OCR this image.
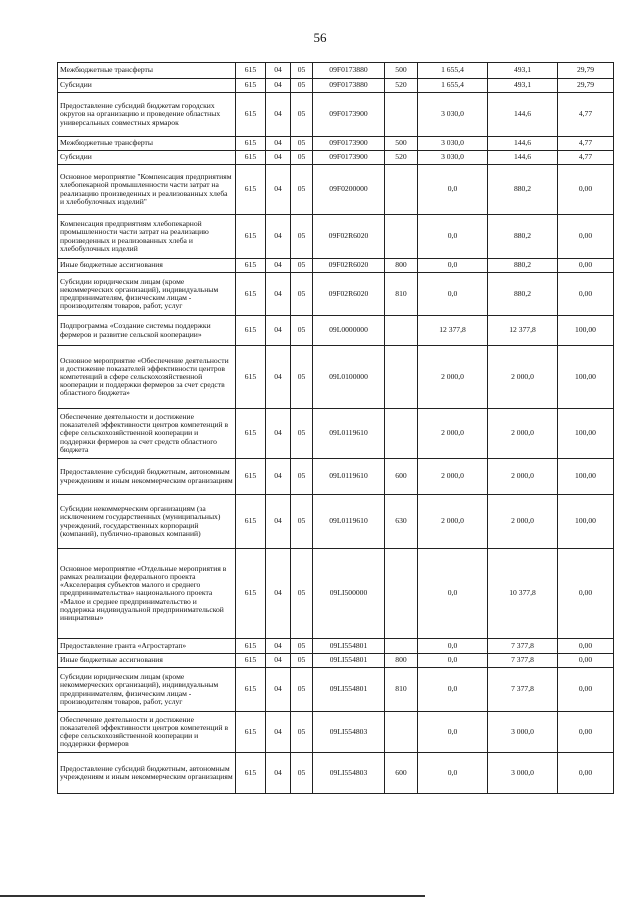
56
Межбюджетные трансферты	615	04	05	09F0173880	500	1 655,4	493,1	29,79
Субсидии	615	04	05	09F0173880	520	1 655,4	493,1	29,79
Предоставление субсидий бюджетам городских округов на организацию и проведение областных универсальных совместных ярмарок	615	04	05	09F0173900		3 030,0	144,6	4,77
Межбюджетные трансферты	615	04	05	09F0173900	500	3 030,0	144,6	4,77
Субсидии	615	04	05	09F0173900	520	3 030,0	144,6	4,77
Основное мероприятие "Компенсация предприятиям хлебопекарной промышленности части затрат на реализацию произведенных и реализованных хлеба и хлебобулочных изделий"	615	04	05	09F0200000		0,0	880,2	0,00
Компенсация предприятиям хлебопекарной промышленности части затрат на реализацию произведенных и реализованных хлеба и хлебобулочных изделий	615	04	05	09F02R6020		0,0	880,2	0,00
Иные бюджетные ассигнования	615	04	05	09F02R6020	800	0,0	880,2	0,00
Субсидии юридическим лицам (кроме некоммерческих организаций), индивидуальным предпринимателям, физическим лицам - производителям товаров, работ, услуг	615	04	05	09F02R6020	810	0,0	880,2	0,00
Подпрограмма «Создание системы поддержки фермеров и развитие сельской кооперации»	615	04	05	09L0000000		12 377,8	12 377,8	100,00
Основное мероприятие «Обеспечение деятельности и достижение показателей эффективности центров компетенций в сфере сельскохозяйственной кооперации и поддержки фермеров за счет средств областного бюджета»	615	04	05	09L0100000		2 000,0	2 000,0	100,00
Обеспечение деятельности и достижение показателей эффективности центров компетенций в сфере сельскохозяйственной кооперации и поддержки фермеров за счет средств областного бюджета	615	04	05	09L0119610		2 000,0	2 000,0	100,00
Предоставление субсидий бюджетным, автономным учреждениям и иным некоммерческим организациям	615	04	05	09L0119610	600	2 000,0	2 000,0	100,00
Субсидии некоммерческим организациям (за исключением государственных (муниципальных) учреждений, государственных корпораций (компаний), публично-правовых компаний)	615	04	05	09L0119610	630	2 000,0	2 000,0	100,00
Основное мероприятие «Отдельные мероприятия в рамках реализации федерального проекта «Акселерация субъектов малого и среднего предпринимательства» национального проекта «Малое и среднее предпринимательство и поддержка индивидуальной предпринимательской инициативы»	615	04	05	09LI500000		0,0	10 377,8	0,00
Предоставление гранта «Агростартап»	615	04	05	09LI554801		0,0	7 377,8	0,00
Иные бюджетные ассигнования	615	04	05	09LI554801	800	0,0	7 377,8	0,00
Субсидии юридическим лицам (кроме некоммерческих организаций), индивидуальным предпринимателям, физическим лицам - производителям товаров, работ, услуг	615	04	05	09LI554801	810	0,0	7 377,8	0,00
Обеспечение деятельности и достижение показателей эффективности центров компетенций в сфере сельскохозяйственной кооперации и поддержки фермеров	615	04	05	09LI554803		0,0	3 000,0	0,00
Предоставление субсидий бюджетным, автономным учреждениям и иным некоммерческим организациям	615	04	05	09LI554803	600	0,0	3 000,0	0,00
